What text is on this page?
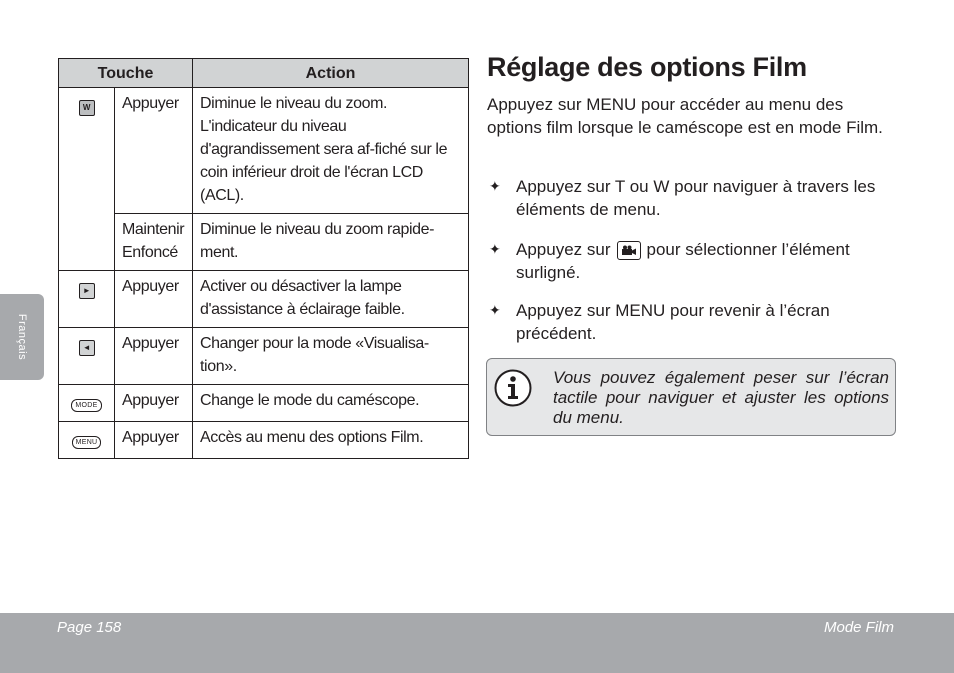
Français
Touche		Action
W	Appuyer	Diminue le niveau du zoom. L'indicateur du niveau d'agrandissement sera af-fiché sur le coin inférieur droit de l'écran LCD (ACL).
	Maintenir Enfoncé	Diminue le niveau du zoom rapide-ment.
►	Appuyer	Activer ou désactiver la lampe d'assistance à éclairage faible.
◄	Appuyer	Changer pour la mode «Visualisa-tion».
MODE	Appuyer	Change le mode du caméscope.
MENU	Appuyer	Accès au menu des options Film.
Réglage des options Film

Appuyez sur MENU pour accéder au menu des options film lorsque le caméscope est en mode Film.

✦ Appuyez sur T ou W pour naviguer à travers les éléments de menu.
✦ Appuyez sur pour sélectionner l’élément surligné.
✦ Appuyez sur MENU pour revenir à l’écran précédent.

Vous pouvez également peser sur l’écran tactile pour naviguer et ajuster les options du menu.

Page 158	Mode Film
